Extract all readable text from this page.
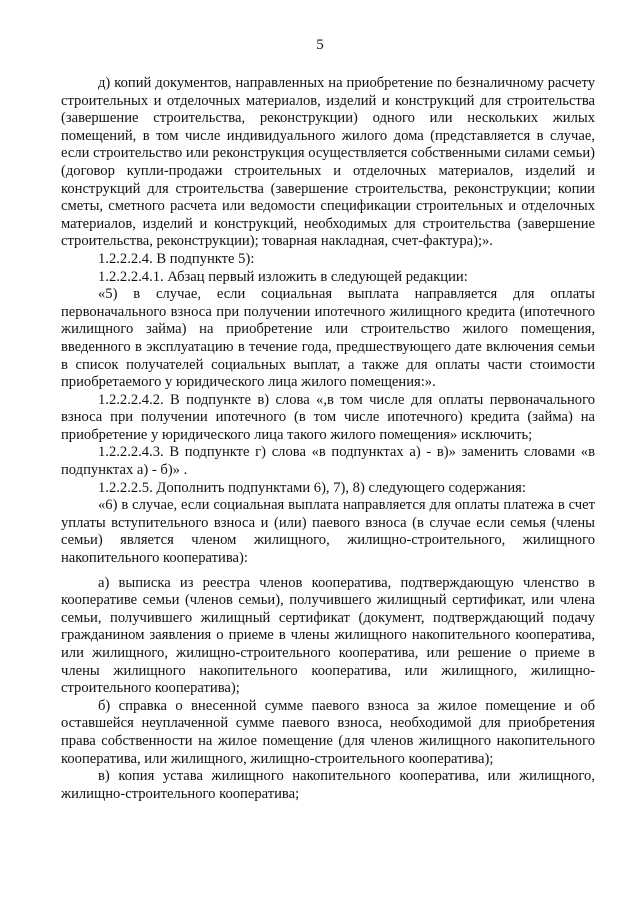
5

д) копий документов, направленных на приобретение по безналичному расчету строительных и отделочных материалов, изделий и конструкций для строительства (завершение строительства, реконструкции) одного или нескольких жилых помещений, в том числе индивидуального жилого дома (представляется в случае, если строительство или реконструкция осуществляется собственными силами семьи) (договор купли-продажи строительных и отделочных материалов, изделий и конструкций для строительства (завершение строительства, реконструкции; копии сметы, сметного расчета или ведомости спецификации строительных и отделочных материалов, изделий и конструкций, необходимых для строительства (завершение строительства, реконструкции); товарная накладная, счет-фактура);».

1.2.2.2.4. В подпункте 5):

1.2.2.2.4.1. Абзац первый изложить в следующей редакции:

«5) в случае, если социальная выплата направляется для оплаты первоначального взноса при получении ипотечного жилищного кредита (ипотечного жилищного займа) на приобретение или строительство жилого помещения, введенного в эксплуатацию в течение года, предшествующего дате включения семьи в список получателей социальных выплат, а также для оплаты части стоимости приобретаемого у юридического лица жилого помещения:».

1.2.2.2.4.2. В подпункте в) слова «,в том числе для оплаты первоначального взноса при получении ипотечного (в том числе ипотечного) кредита (займа) на приобретение у юридического лица такого жилого помещения» исключить;

1.2.2.2.4.3. В подпункте г) слова «в подпунктах а) - в)» заменить словами «в подпунктах а) - б)» .

1.2.2.2.5. Дополнить подпунктами 6), 7), 8) следующего содержания:

«6) в случае, если социальная выплата направляется для оплаты платежа в счет уплаты вступительного взноса и (или) паевого взноса (в случае если семья (члены семьи) является членом жилищного, жилищно-строительного, жилищного накопительного кооператива):

а) выписка из реестра членов кооператива, подтверждающую членство в кооперативе семьи (членов семьи), получившего жилищный сертификат, или члена семьи, получившего жилищный сертификат (документ, подтверждающий подачу гражданином заявления о приеме в члены жилищного накопительного кооператива, или жилищного, жилищно-строительного кооператива, или решение о приеме в члены жилищного накопительного кооператива, или жилищного, жилищно-строительного кооператива);

б) справка о внесенной сумме паевого взноса за жилое помещение и об оставшейся неуплаченной сумме паевого взноса, необходимой для приобретения права собственности на жилое помещение (для членов жилищного накопительного кооператива, или жилищного, жилищно-строительного кооператива);

в) копия устава жилищного накопительного кооператива, или жилищного, жилищно-строительного кооператива;
